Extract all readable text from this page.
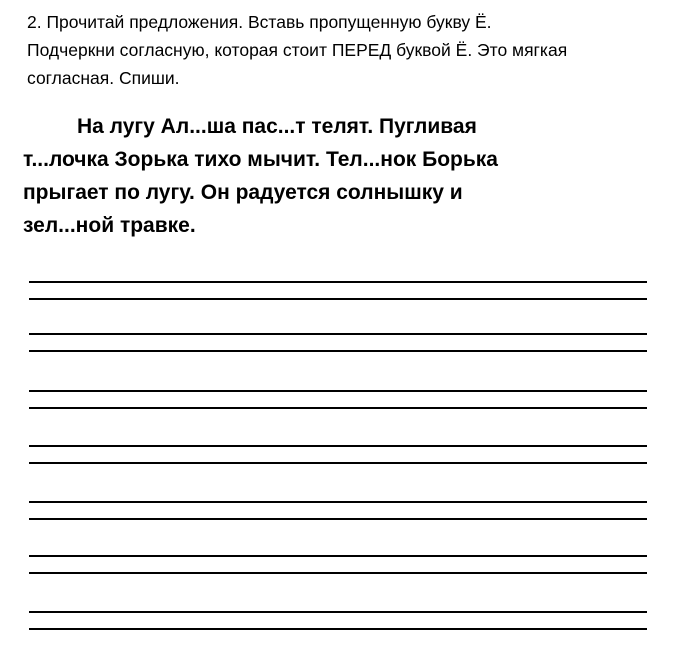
2. Прочитай предложения. Вставь пропущенную букву Ё.
Подчеркни согласную, которая стоит ПЕРЕД буквой Ё. Это мягкая
согласная. Спиши.
На лугу Ал...ша пас...т телят. Пугливая
т...лочка Зорька тихо мычит. Тел...нок Борька
прыгает по лугу. Он радуется солнышку и
зел...ной травке.
